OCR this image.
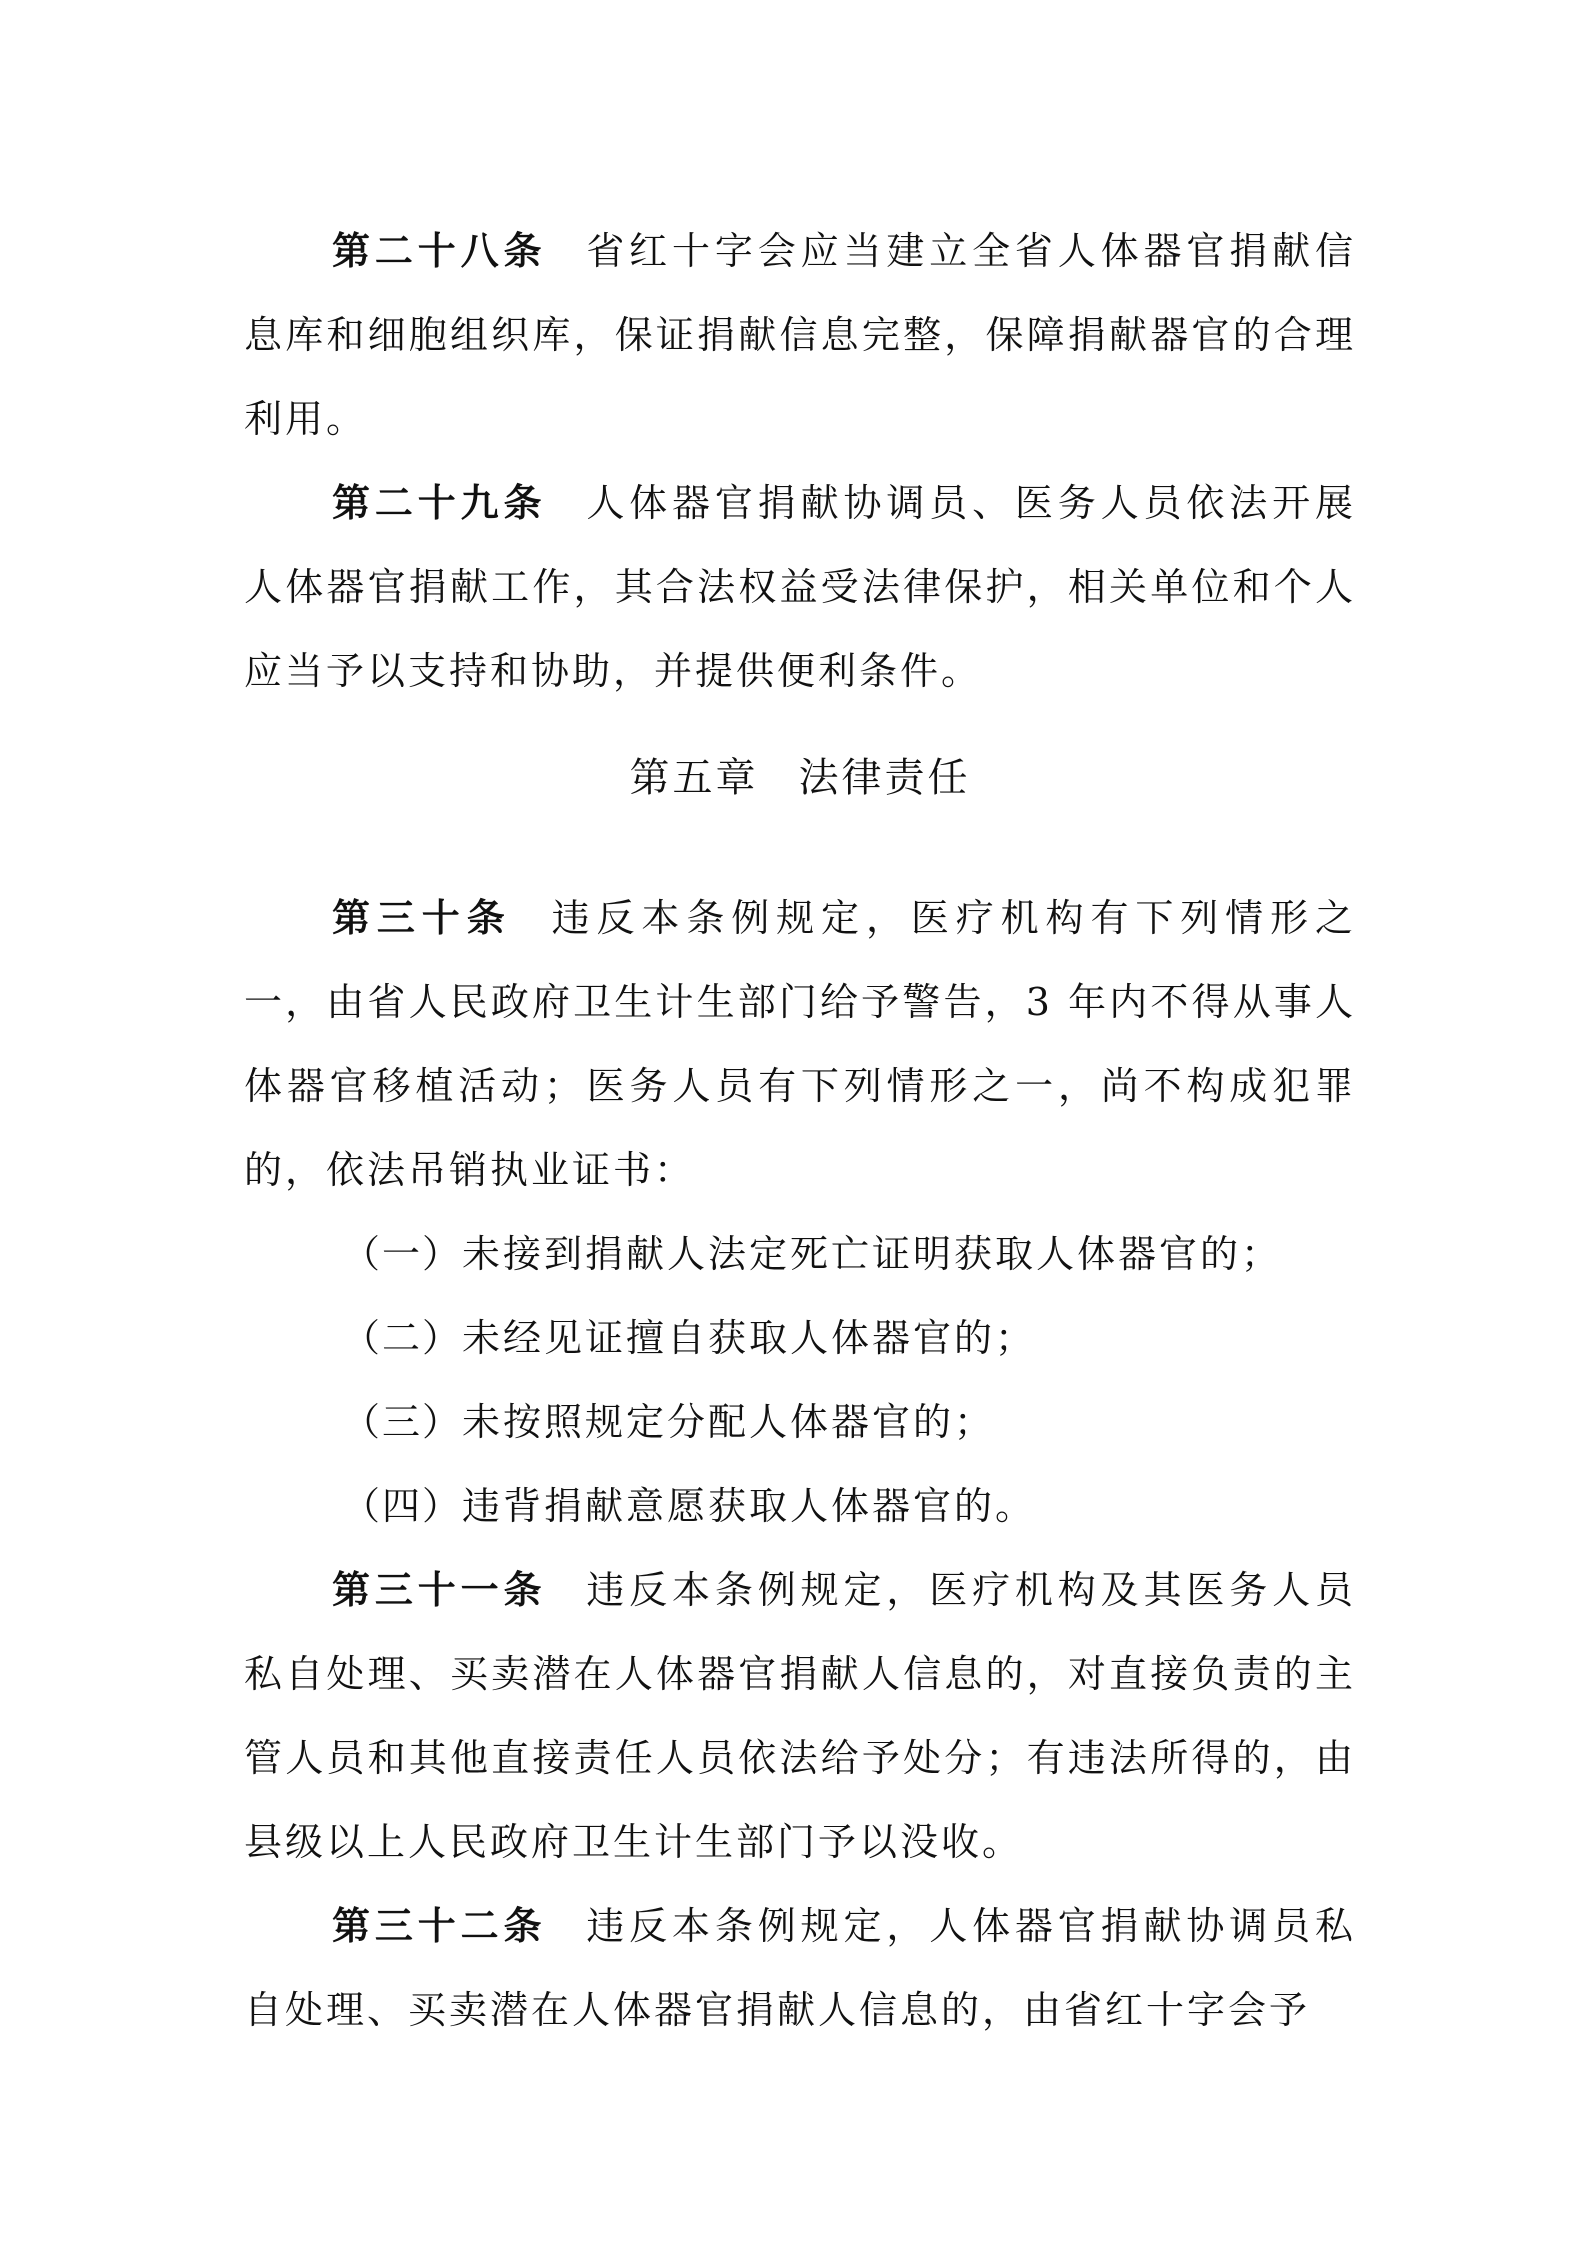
第二十八条 省红十字会应当建立全省人体器官捐献信息库和细胞组织库，保证捐献信息完整，保障捐献器官的合理利用。

第二十九条 人体器官捐献协调员、医务人员依法开展人体器官捐献工作，其合法权益受法律保护，相关单位和个人应当予以支持和协助，并提供便利条件。

第五章 法律责任

第三十条 违反本条例规定，医疗机构有下列情形之一，由省人民政府卫生计生部门给予警告，3 年内不得从事人体器官移植活动；医务人员有下列情形之一，尚不构成犯罪的，依法吊销执业证书：

（一）未接到捐献人法定死亡证明获取人体器官的；

（二）未经见证擅自获取人体器官的；

（三）未按照规定分配人体器官的；

（四）违背捐献意愿获取人体器官的。

第三十一条 违反本条例规定，医疗机构及其医务人员私自处理、买卖潜在人体器官捐献人信息的，对直接负责的主管人员和其他直接责任人员依法给予处分；有违法所得的，由县级以上人民政府卫生计生部门予以没收。

第三十二条 违反本条例规定，人体器官捐献协调员私自处理、买卖潜在人体器官捐献人信息的，由省红十字会予
